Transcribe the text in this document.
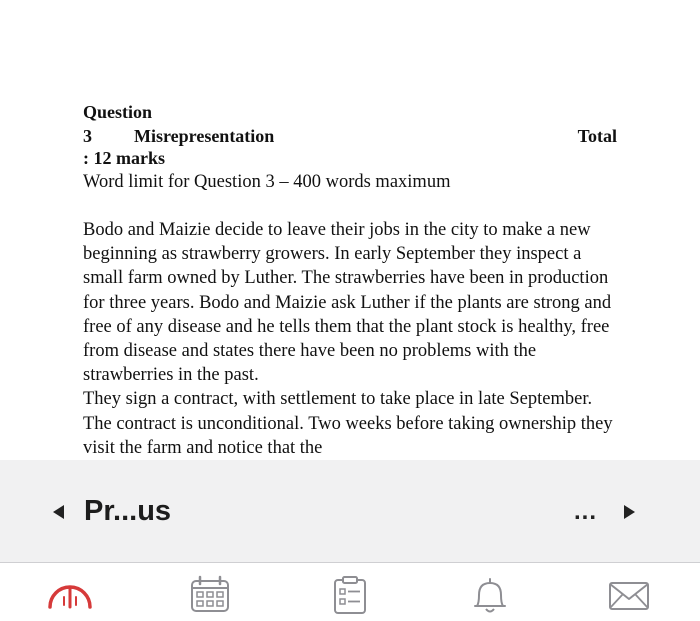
Question
3 Misrepresentation	Total
: 12 marks
Word limit for Question 3 – 400 words maximum

Bodo and Maizie decide to leave their jobs in the city to make a new beginning as strawberry growers. In early September they inspect a small farm owned by Luther. The strawberries have been in production for three years. Bodo and Maizie ask Luther if the plants are strong and free of any disease and he tells them that the plant stock is healthy, free from disease and states there have been no problems with the strawberries in the past.

They sign a contract, with settlement to take place in late September. The contract is unconditional. Two weeks before taking ownership they visit the farm and notice that the

Pr...us	...
